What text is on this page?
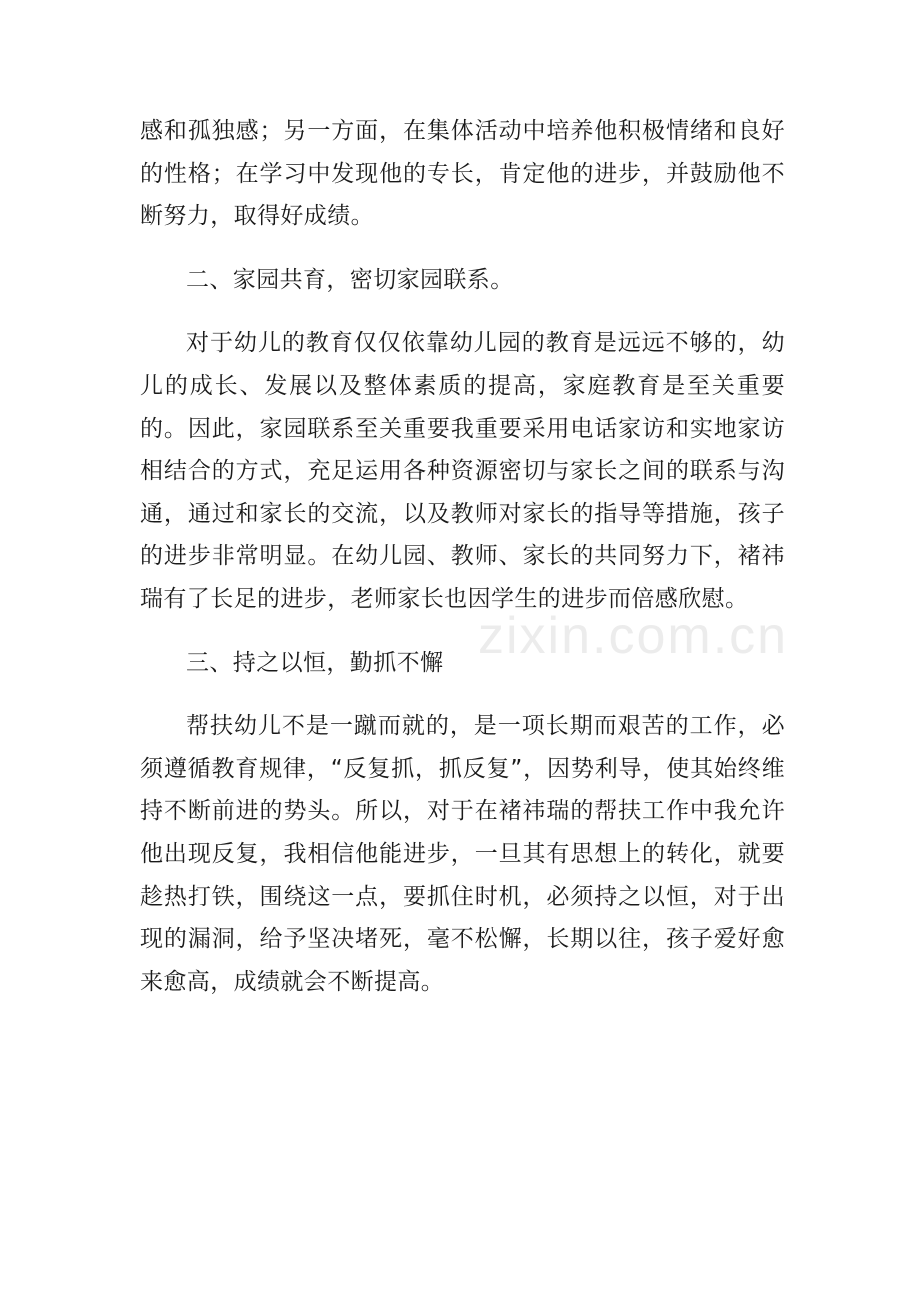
感和孤独感；另一方面，在集体活动中培养他积极情绪和良好的性格；在学习中发现他的专长，肯定他的进步，并鼓励他不断努力，取得好成绩。

二、家园共育，密切家园联系。

对于幼儿的教育仅仅依靠幼儿园的教育是远远不够的，幼儿的成长、发展以及整体素质的提高，家庭教育是至关重要的。因此，家园联系至关重要我重要采用电话家访和实地家访相结合的方式，充足运用各种资源密切与家长之间的联系与沟通，通过和家长的交流，以及教师对家长的指导等措施，孩子的进步非常明显。在幼儿园、教师、家长的共同努力下，褚祎瑞有了长足的进步，老师家长也因学生的进步而倍感欣慰。

三、持之以恒，勤抓不懈

帮扶幼儿不是一蹴而就的，是一项长期而艰苦的工作，必须遵循教育规律，“反复抓，抓反复”，因势利导，使其始终维持不断前进的势头。所以，对于在褚祎瑞的帮扶工作中我允许他出现反复，我相信他能进步，一旦其有思想上的转化，就要趁热打铁，围绕这一点，要抓住时机，必须持之以恒，对于出现的漏洞，给予坚决堵死，毫不松懈，长期以往，孩子爱好愈来愈高，成绩就会不断提高。

zixin.com.cn
